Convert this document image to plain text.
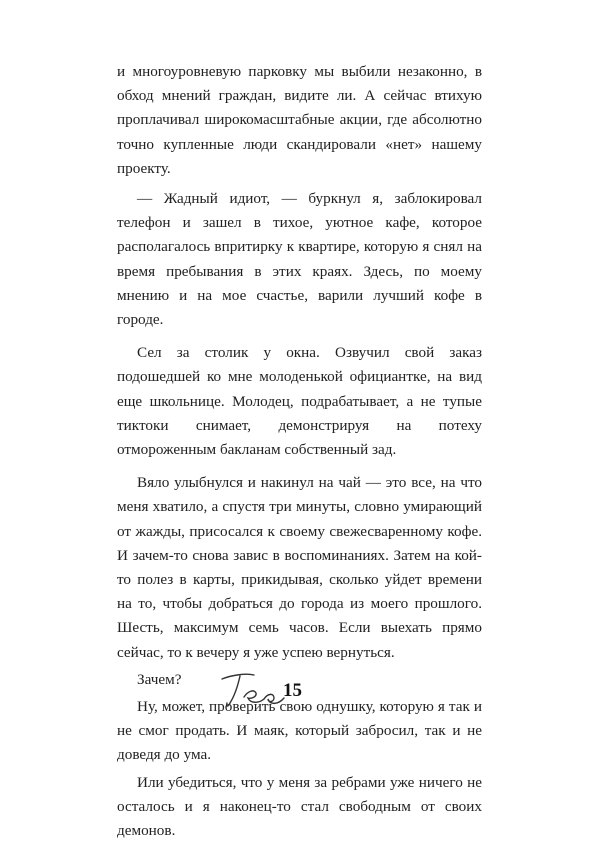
и многоуровневую парковку мы выбили незаконно, в обход мнений граждан, видите ли. А сейчас втихую проплачивал широкомасштабные акции, где абсолютно точно купленные люди скандировали «нет» нашему проекту.

— Жадный идиот, — буркнул я, заблокировал телефон и зашел в тихое, уютное кафе, которое располагалось впритирку к квартире, которую я снял на время пребывания в этих краях. Здесь, по моему мнению и на мое счастье, варили лучший кофе в городе.

Сел за столик у окна. Озвучил свой заказ подошедшей ко мне молоденькой официантке, на вид еще школьнице. Молодец, подрабатывает, а не тупые тиктоки снимает, демонстрируя на потеху отмороженным бакланам собственный зад.

Вяло улыбнулся и накинул на чай — это все, на что меня хватило, а спустя три минуты, словно умирающий от жажды, присосался к своему свежесваренному кофе. И зачем-то снова завис в воспоминаниях. Затем на кой-то полез в карты, прикидывая, сколько уйдет времени на то, чтобы добраться до города из моего прошлого. Шесть, максимум семь часов. Если выехать прямо сейчас, то к вечеру я уже успею вернуться.

Зачем?

Ну, может, проверить свою однушку, которую я так и не смог продать. И маяк, который забросил, так и не доведя до ума.

Или убедиться, что у меня за ребрами уже ничего не осталось и я наконец-то стал свободным от своих демонов.

15
